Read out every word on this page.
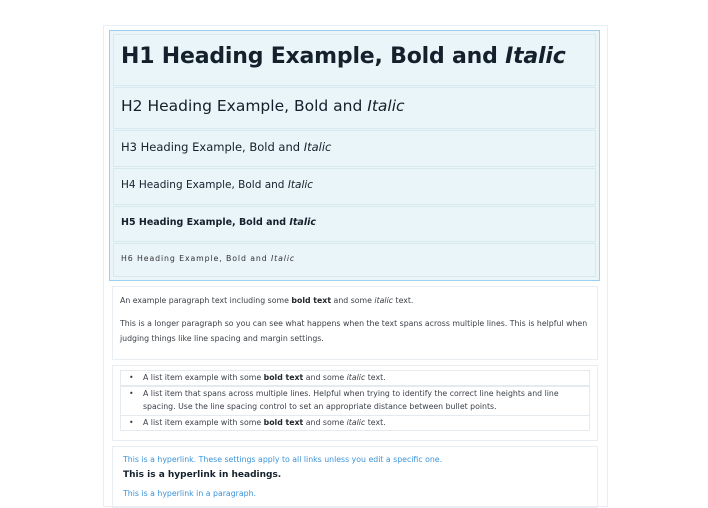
H1 Heading Example, Bold and Italic
H2 Heading Example, Bold and Italic
H3 Heading Example, Bold and Italic
H4 Heading Example, Bold and Italic
H5 Heading Example, Bold and Italic
H6 Heading Example, Bold and Italic

An example paragraph text including some bold text and some italic text.

This is a longer paragraph so you can see what happens when the text spans across multiple lines. This is helpful when judging things like line spacing and margin settings.

• A list item example with some bold text and some italic text.
• A list item that spans across multiple lines. Helpful when trying to identify the correct line heights and line spacing. Use the line spacing control to set an appropriate distance between bullet points.
• A list item example with some bold text and some italic text.
This is a hyperlink. These settings apply to all links unless you edit a specific one.
This is a hyperlink in headings.
This is a hyperlink in a paragraph.
